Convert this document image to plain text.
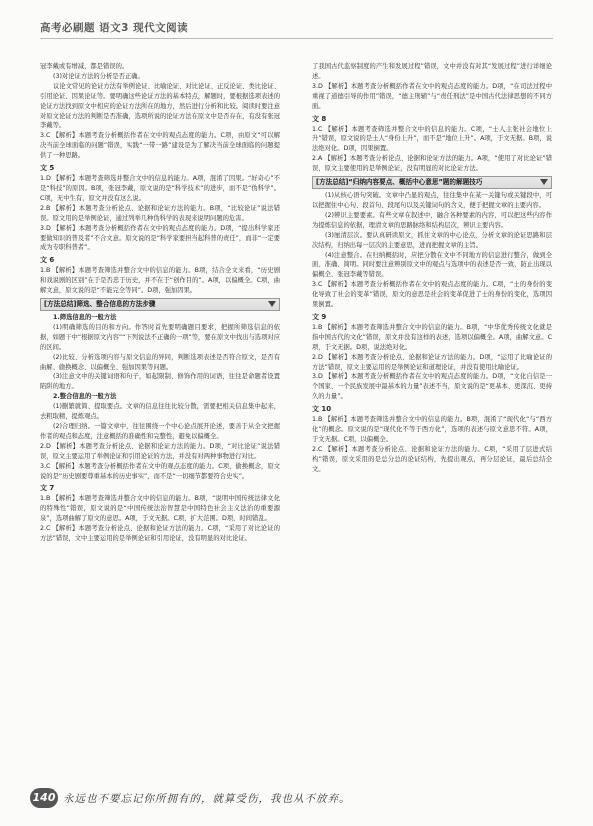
高考必刷题 语文3 现代文阅读

冠李戴或有增减，都是错误的。

(3)对论证方法的分析是否正确。

议论文常见的论证方法有举例论证、比喻论证、对比论证、正反论证、类比论证、引用论证、因果论证等。要明确这些论证方法的基本特点，解题时，要根据选项表述的论证方法找到原文中相应的论证方法所在的地方，然后进行分析和比较。阅读时要注意对原文论证方法的判断是否准确，选项所说的论证方法在原文中是否存在，有没有张冠李戴等。

3.C 【解析】本题考查分析概括作者在文中的观点态度的能力。C项，由原文“可以解决当前全球面临的问题”错误，实践“一带一路”建设是为了解决当前全球面临的问题提供了一种思路。

文 5

1.D 【解析】本题考查筛选并整合文中的信息的能力。A项，混淆了因果。“好奇心”不是“科技”的原因。B项，张冠李戴，原文说的是“科学技术”的进步，而不是“伪科学”。C项，无中生有，原文并没有这么说。

2.B 【解析】本题考查分析论点、论据和论证方法的能力。B项，“比较论证”说法错误。原文用的是举例论证，通过列举几种伪科学的表现来说明问题的危害。

3.D 【解析】本题考查分析概括作者在文中的观点态度的能力。D项，“提出科学家还要做知识的普及者”不合文意。原文说的是“科学家要担当起科普的责任”，而非“一定要成为专职科普者”。

文 6

1.B 【解析】本题考查筛选并整合文中的信息的能力。B项，结合全文来看，“历史剧和戏说剧的区别”在于是否忠于历史，并不在于“创作目的”。A项，以偏概全。C项，曲解文意，原文说的是“不能完全等同”。D项，强加因果。

[方法总结]筛选、整合信息的方法步骤

1.筛选信息的一般方法

(1)明确筛选的目的和方向。作答时首先要明确题目要求，把握所筛选信息的依据，如题干中“根据原文内容”“下列说法不正确的一项”等，要在原文中找出与选项对应的区间。

(2)比较、分析选项内容与原文信息的异同，判断选项表述是否符合原文，是否有曲解、偷换概念、以偏概全、强加因果等问题。

(3)注意文中的关键词语和句子，如起限制、修饰作用的词语，往往是命题者设置陷阱的地方。

2.整合信息的一般方法

(1)删繁就简、提取要点。文章的信息往往比较分散，需要把相关信息集中起来，去粗取精，提炼观点。

(2)合理归纳。一篇文章中，往往围绕一个中心论点展开论述，要善于从全文把握作者的观点和态度，注意概括的准确性和完整性，避免以偏概全。

2.D 【解析】本题考查分析论点、论据和论证方法的能力。D项，“对比论证”说法错误，原文主要运用了举例论证和引用论证的方法，并没有对两种事物进行对比。

3.C 【解析】本题考查分析概括作者在文中的观点态度的能力。C项，偷换概念，原文说的是“历史剧要尊重基本的历史事实”，而不是“一切细节都要符合史实”。

文 7

1.B 【解析】本题考查筛选并整合文中的信息的能力。B项，“说明中国传统法律文化的特殊性”错误，原文说的是“中国传统法治智慧是中国特色社会主义法治的重要源泉”，选项曲解了原文的意思。A项，于文无据。C项，扩大范围。D项，时间错乱。

2.C 【解析】本题考查分析论点、论据和论证方法的能力。C项，“采用了对比论证的方法”错误，文中主要运用的是举例论证和引用论证，没有明显的对比论证。

了我国古代监察制度的产生和发展过程”错误，文中并没有对其“发展过程”进行详细论述。

3.D 【解析】本题考查分析概括作者在文中的观点态度的能力。D项，“在司法过程中重视了道德引导的作用”错误，“德主刑辅”与“责任刑法”是中国古代法律思想的不同方面。

文 8

1.C 【解析】本题考查筛选并整合文中的信息的能力。C项，“士人主张社会地位上升”错误，原文说的是士人“身份上升”，而不是“地位上升”。A项，于文无据。B项，说法绝对化。D项，因果倒置。

2.A 【解析】本题考查分析论点、论据和论证方法的能力。A项，“使用了对比论证”错误，原文主要使用的是举例论证，没有明显的对比论证方法。

[方法总结]“归纳内容要点、概括中心意思”题的解题技巧

(1)从核心语句突破。文章中凸显的观点，往往集中在某一关键句或关键段中，可以把握住中心句、段首句、段尾句以及关键词句的含义，便于把握文章的主要内容。

(2)辨识主要要素。有些文章在叙述中，融合各种要素的内容，可以把这些内容作为提炼信息的依据，理清文章的思路脉络和结构层次，辨识主要内容。

(3)厘清层次。要认真研读原文，抓住文章的中心论点，分析文章的论证思路和层次结构，归纳出每一层次的主要意思，进而把握文章的主旨。

(4)注意整合。在归纳概括时，应把分散在文中不同地方的信息进行整合，做到全面、准确、简明。同时要注意辨别原文中的观点与选项中的表述是否一致，防止出现以偏概全、张冠李戴等错误。

3.C 【解析】本题考查分析概括作者在文中的观点态度的能力。C项，“士的身份的变化导致了社会的变革”错误，原文的意思是社会的变革促进了士的身份的变化，选项因果倒置。

文 9

1.B 【解析】本题考查筛选并整合文中的信息的能力。B项，“中华优秀传统文化就是指中国古代的文化”错误，原文并没有这样的表述，选项以偏概全。A项，曲解文意。C项，于文无据。D项，说法绝对化。

2.D 【解析】本题考查分析论点、论据和论证方法的能力。D项，“运用了比喻论证的方法”错误，原文主要运用的是举例论证和道理论证，并没有使用比喻论证。

3.D 【解析】本题考查分析概括作者在文中的观点态度的能力。D项，“文化自信是一个国家、一个民族发展中最基本的力量”表述不当，原文说的是“更基本、更深沉、更持久的力量”。

文 10

1.B 【解析】本题考查筛选并整合文中的信息的能力。B项，混淆了“现代化”与“西方化”的概念。原文说的是“现代化不等于西方化”，选项的表述与原文意思不符。A项，于文无据。C项，以偏概全。

2.C 【解析】本题考查分析论点、论据和论证方法的能力。C项，“采用了层进式结构”错误，原文采用的是总分总的论证结构，先提出观点，再分层论证，最后总结全文。

140 永远也不要忘记你所拥有的，就算受伤，我也从不放弃。
